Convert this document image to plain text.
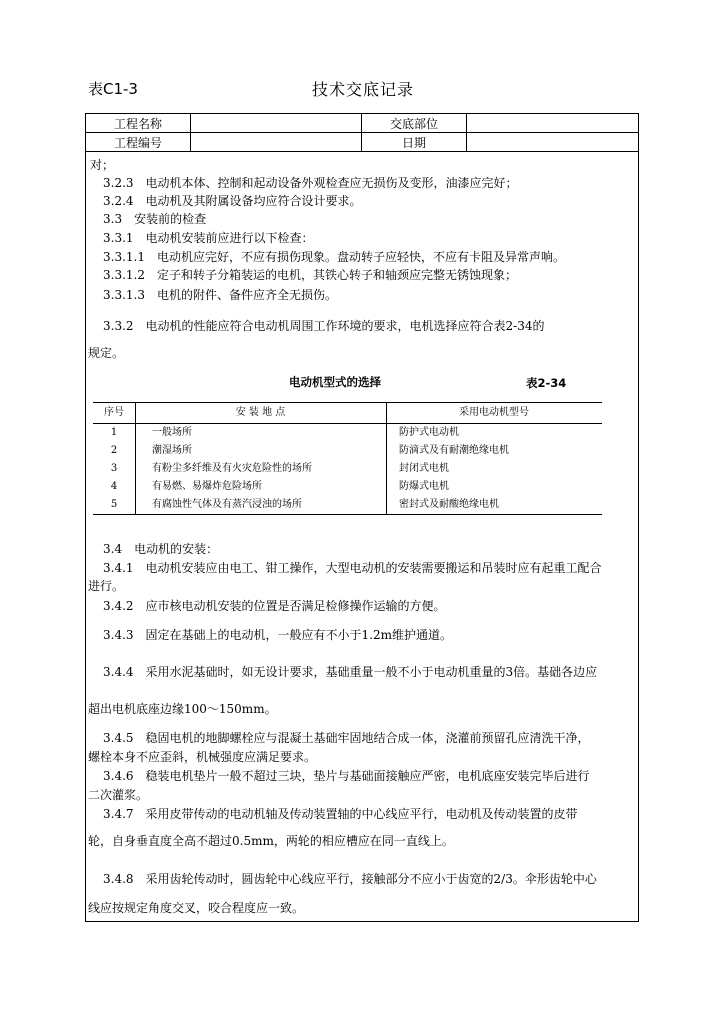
表C1-3	技术交底记录
工程名称		交底部位	
工程编号		日期	
对；
3.2.3　电动机本体、控制和起动设备外观检查应无损伤及变形，油漆应完好；
3.2.4　电动机及其附属设备均应符合设计要求。
3.3　安装前的检查
3.3.1　电动机安装前应进行以下检查：
3.3.1.1　电动机应完好，不应有损伤现象。盘动转子应轻快，不应有卡阻及异常声响。
3.3.1.2　定子和转子分箱装运的电机，其铁心转子和轴颈应完整无锈蚀现象；
3.3.1.3　电机的附件、备件应齐全无损伤。
3.3.2　电动机的性能应符合电动机周围工作环境的要求，电机选择应符合表2-34的
规定。
电动机型式的选择	表2-34
序号	安 装 地 点	采用电动机型号
1	一般场所	防护式电动机
2	潮湿场所	防滴式及有耐潮绝缘电机
3	有粉尘多纤维及有火灾危险性的场所	封闭式电机
4	有易燃、易爆炸危险场所	防爆式电机
5	有腐蚀性气体及有蒸汽浸浊的场所	密封式及耐酸绝缘电机
3.4　电动机的安装：
3.4.1　电动机安装应由电工、钳工操作，大型电动机的安装需要搬运和吊装时应有起重工配合
进行。
3.4.2　应市核电动机安装的位置是否满足检修操作运输的方便。
3.4.3　固定在基础上的电动机，一般应有不小于1.2m维护通道。
3.4.4　采用水泥基础时，如无设计要求，基础重量一般不小于电动机重量的3倍。基础各边应
超出电机底座边缘100～150mm。
3.4.5　稳固电机的地脚螺栓应与混凝土基础牢固地结合成一体，浇灌前预留孔应清洗干净，
螺栓本身不应歪斜，机械强度应满足要求。
3.4.6　稳装电机垫片一般不超过三块，垫片与基础面接触应严密，电机底座安装完毕后进行
二次灌浆。
3.4.7　采用皮带传动的电动机轴及传动装置轴的中心线应平行，电动机及传动装置的皮带
轮，自身垂直度全高不超过0.5mm，两轮的相应槽应在同一直线上。
3.4.8　采用齿轮传动时，圆齿轮中心线应平行，接触部分不应小于齿宽的2/3。伞形齿轮中心
线应按规定角度交叉，咬合程度应一致。
